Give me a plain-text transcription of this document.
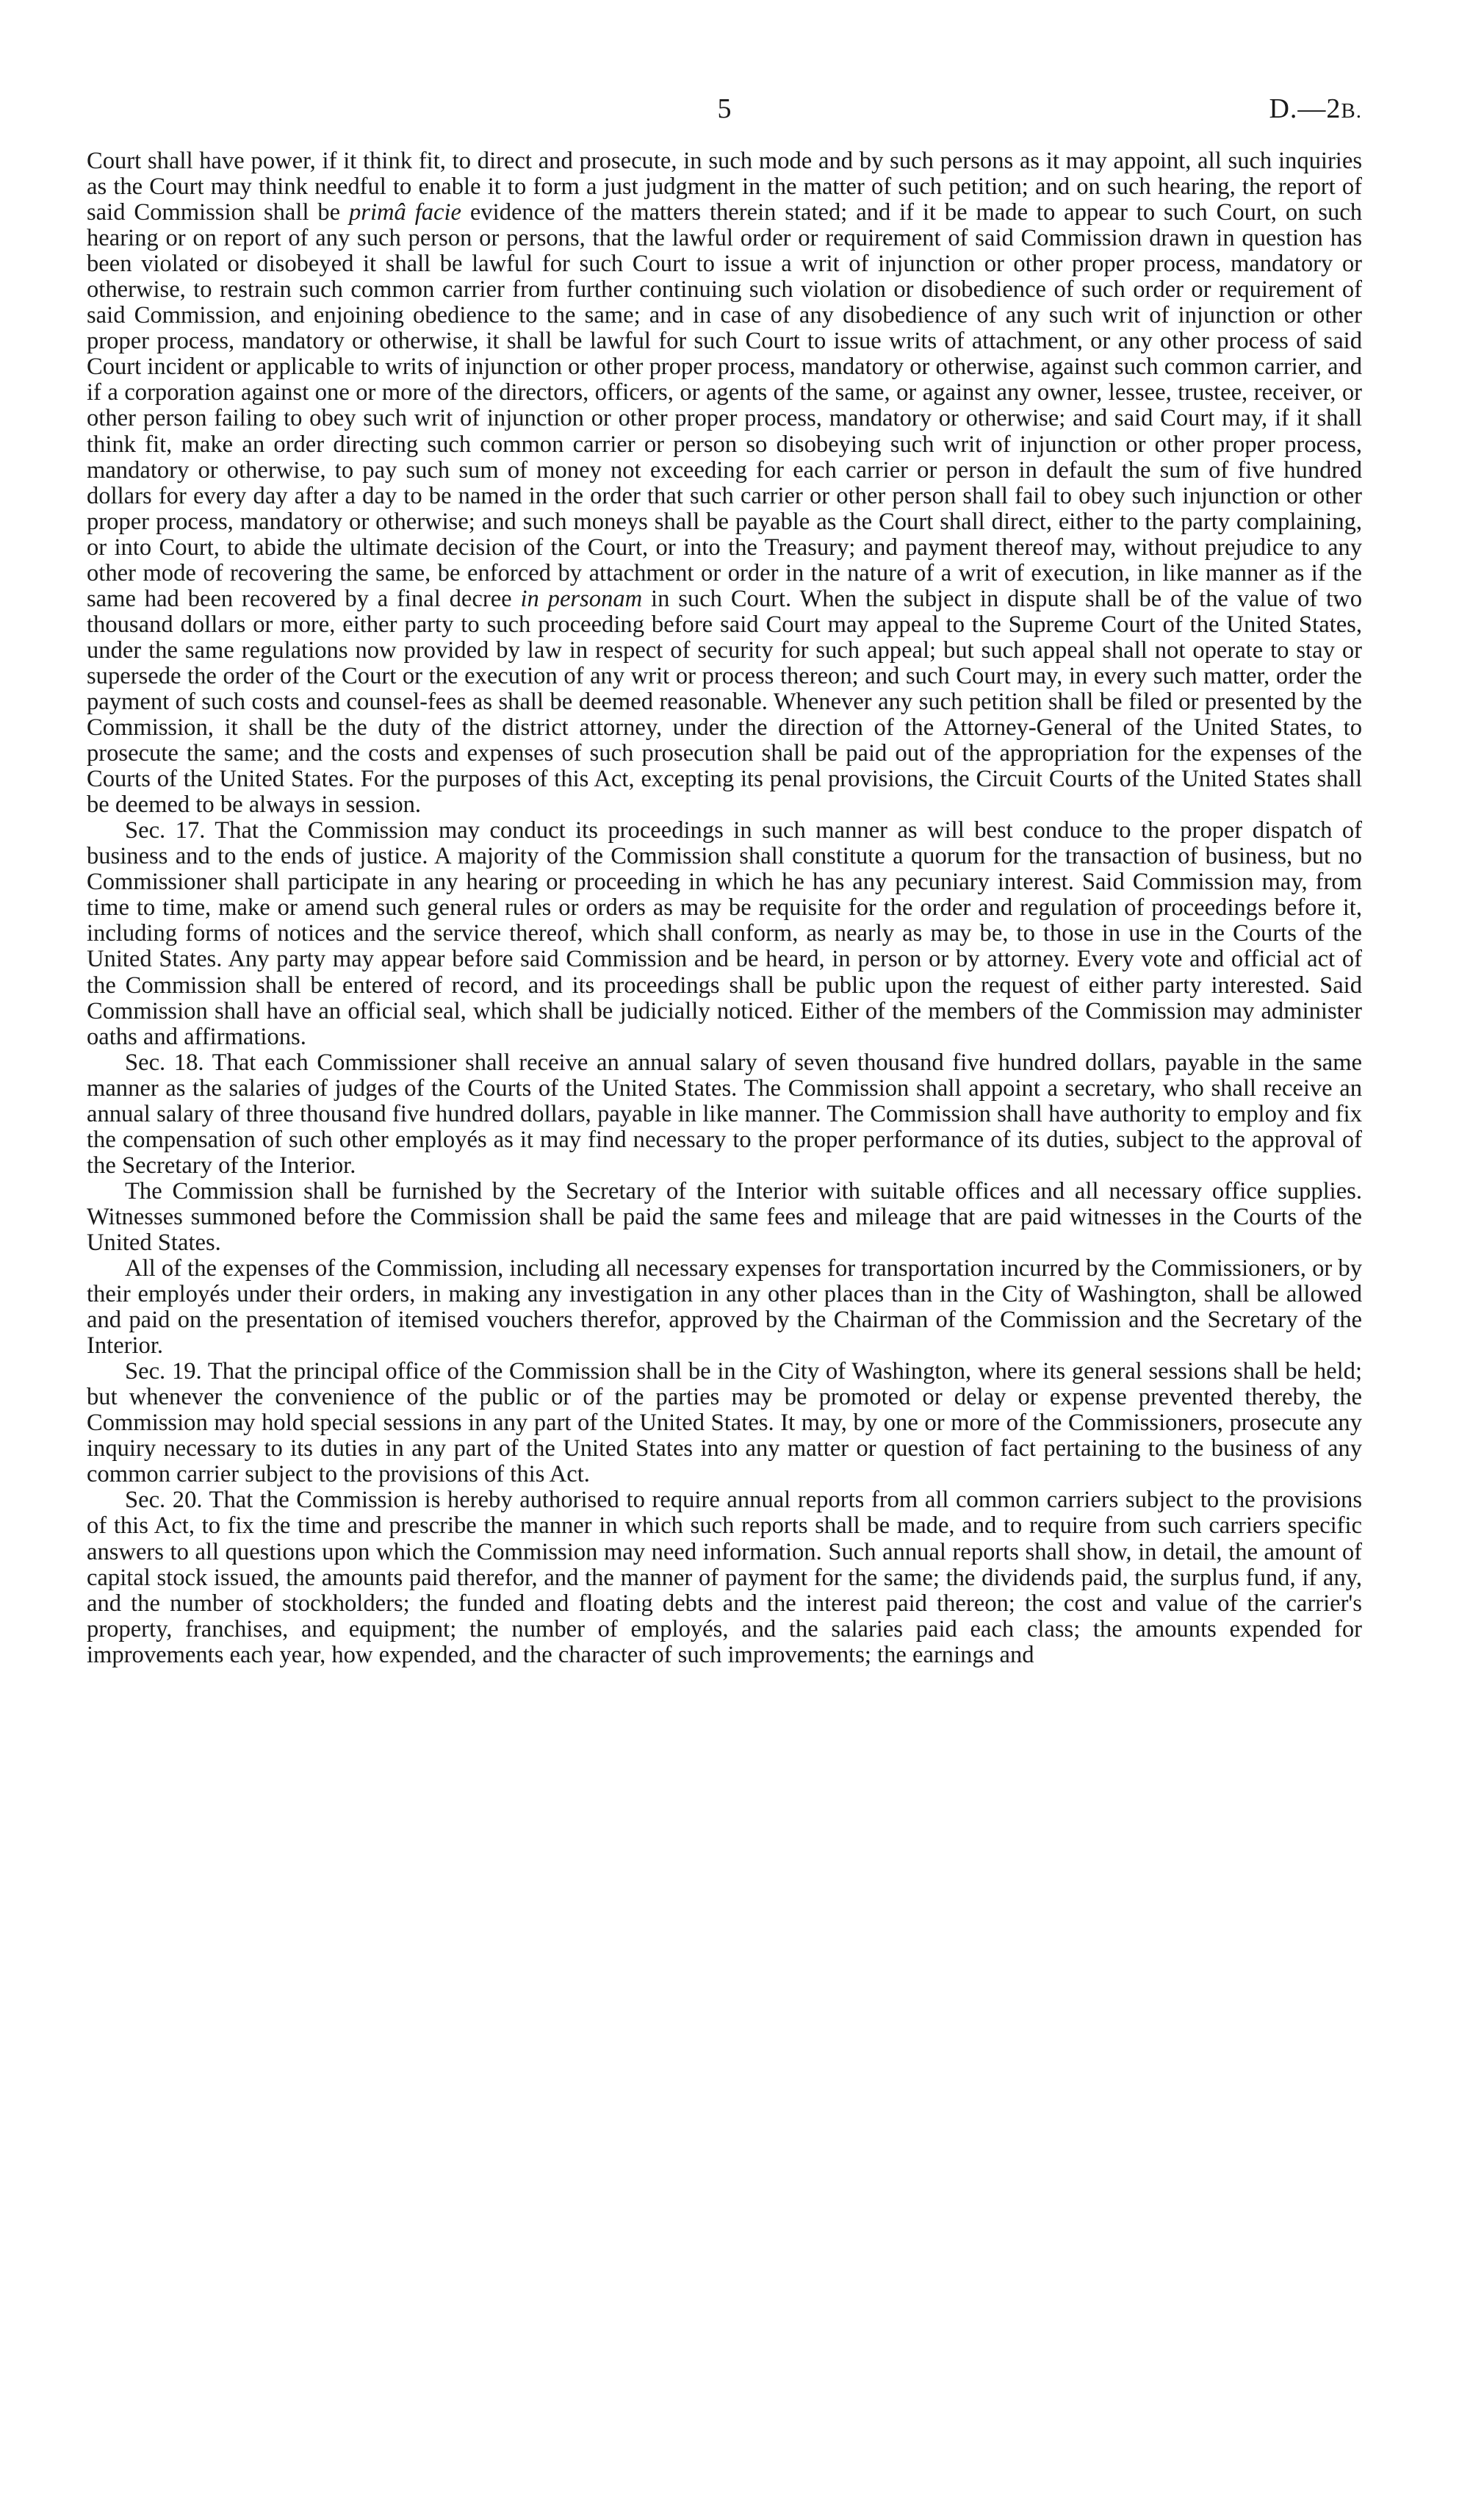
5	D.—2B.

Court shall have power, if it think fit, to direct and prosecute, in such mode and by such persons as it may appoint, all such inquiries as the Court may think needful to enable it to form a just judgment in the matter of such petition; and on such hearing, the report of said Commission shall be primâ facie evidence of the matters therein stated; and if it be made to appear to such Court, on such hearing or on report of any such person or persons, that the lawful order or requirement of said Commission drawn in question has been violated or disobeyed it shall be lawful for such Court to issue a writ of injunction or other proper process, mandatory or otherwise, to restrain such common carrier from further continuing such violation or disobedience of such order or requirement of said Commission, and enjoining obedience to the same; and in case of any disobedience of any such writ of injunction or other proper process, mandatory or otherwise, it shall be lawful for such Court to issue writs of attachment, or any other process of said Court incident or applicable to writs of injunction or other proper process, mandatory or otherwise, against such common carrier, and if a corporation against one or more of the directors, officers, or agents of the same, or against any owner, lessee, trustee, receiver, or other person failing to obey such writ of injunction or other proper process, mandatory or otherwise; and said Court may, if it shall think fit, make an order directing such common carrier or person so disobeying such writ of injunction or other proper process, mandatory or otherwise, to pay such sum of money not exceeding for each carrier or person in default the sum of five hundred dollars for every day after a day to be named in the order that such carrier or other person shall fail to obey such injunction or other proper process, mandatory or otherwise; and such moneys shall be payable as the Court shall direct, either to the party complaining, or into Court, to abide the ultimate decision of the Court, or into the Treasury; and payment thereof may, without prejudice to any other mode of recovering the same, be enforced by attachment or order in the nature of a writ of execution, in like manner as if the same had been recovered by a final decree in personam in such Court. When the subject in dispute shall be of the value of two thousand dollars or more, either party to such proceeding before said Court may appeal to the Supreme Court of the United States, under the same regulations now provided by law in respect of security for such appeal; but such appeal shall not operate to stay or supersede the order of the Court or the execution of any writ or process thereon; and such Court may, in every such matter, order the payment of such costs and counsel-fees as shall be deemed reasonable. Whenever any such petition shall be filed or presented by the Commission, it shall be the duty of the district attorney, under the direction of the Attorney-General of the United States, to prosecute the same; and the costs and expenses of such prosecution shall be paid out of the appropriation for the expenses of the Courts of the United States. For the purposes of this Act, excepting its penal provisions, the Circuit Courts of the United States shall be deemed to be always in session.

Sec. 17. That the Commission may conduct its proceedings in such manner as will best conduce to the proper dispatch of business and to the ends of justice. A majority of the Commission shall constitute a quorum for the transaction of business, but no Commissioner shall participate in any hearing or proceeding in which he has any pecuniary interest. Said Commission may, from time to time, make or amend such general rules or orders as may be requisite for the order and regulation of proceedings before it, including forms of notices and the service thereof, which shall conform, as nearly as may be, to those in use in the Courts of the United States. Any party may appear before said Commission and be heard, in person or by attorney. Every vote and official act of the Commission shall be entered of record, and its proceedings shall be public upon the request of either party interested. Said Commission shall have an official seal, which shall be judicially noticed. Either of the members of the Commission may administer oaths and affirmations.

Sec. 18. That each Commissioner shall receive an annual salary of seven thousand five hundred dollars, payable in the same manner as the salaries of judges of the Courts of the United States. The Commission shall appoint a secretary, who shall receive an annual salary of three thousand five hundred dollars, payable in like manner. The Commission shall have authority to employ and fix the compensation of such other employés as it may find necessary to the proper performance of its duties, subject to the approval of the Secretary of the Interior.

The Commission shall be furnished by the Secretary of the Interior with suitable offices and all necessary office supplies. Witnesses summoned before the Commission shall be paid the same fees and mileage that are paid witnesses in the Courts of the United States.

All of the expenses of the Commission, including all necessary expenses for transportation incurred by the Commissioners, or by their employés under their orders, in making any investigation in any other places than in the City of Washington, shall be allowed and paid on the presentation of itemised vouchers therefor, approved by the Chairman of the Commission and the Secretary of the Interior.

Sec. 19. That the principal office of the Commission shall be in the City of Washington, where its general sessions shall be held; but whenever the convenience of the public or of the parties may be promoted or delay or expense prevented thereby, the Commission may hold special sessions in any part of the United States. It may, by one or more of the Commissioners, prosecute any inquiry necessary to its duties in any part of the United States into any matter or question of fact pertaining to the business of any common carrier subject to the provisions of this Act.

Sec. 20. That the Commission is hereby authorised to require annual reports from all common carriers subject to the provisions of this Act, to fix the time and prescribe the manner in which such reports shall be made, and to require from such carriers specific answers to all questions upon which the Commission may need information. Such annual reports shall show, in detail, the amount of capital stock issued, the amounts paid therefor, and the manner of payment for the same; the dividends paid, the surplus fund, if any, and the number of stockholders; the funded and floating debts and the interest paid thereon; the cost and value of the carrier's property, franchises, and equipment; the number of employés, and the salaries paid each class; the amounts expended for improvements each year, how expended, and the character of such improvements; the earnings and
